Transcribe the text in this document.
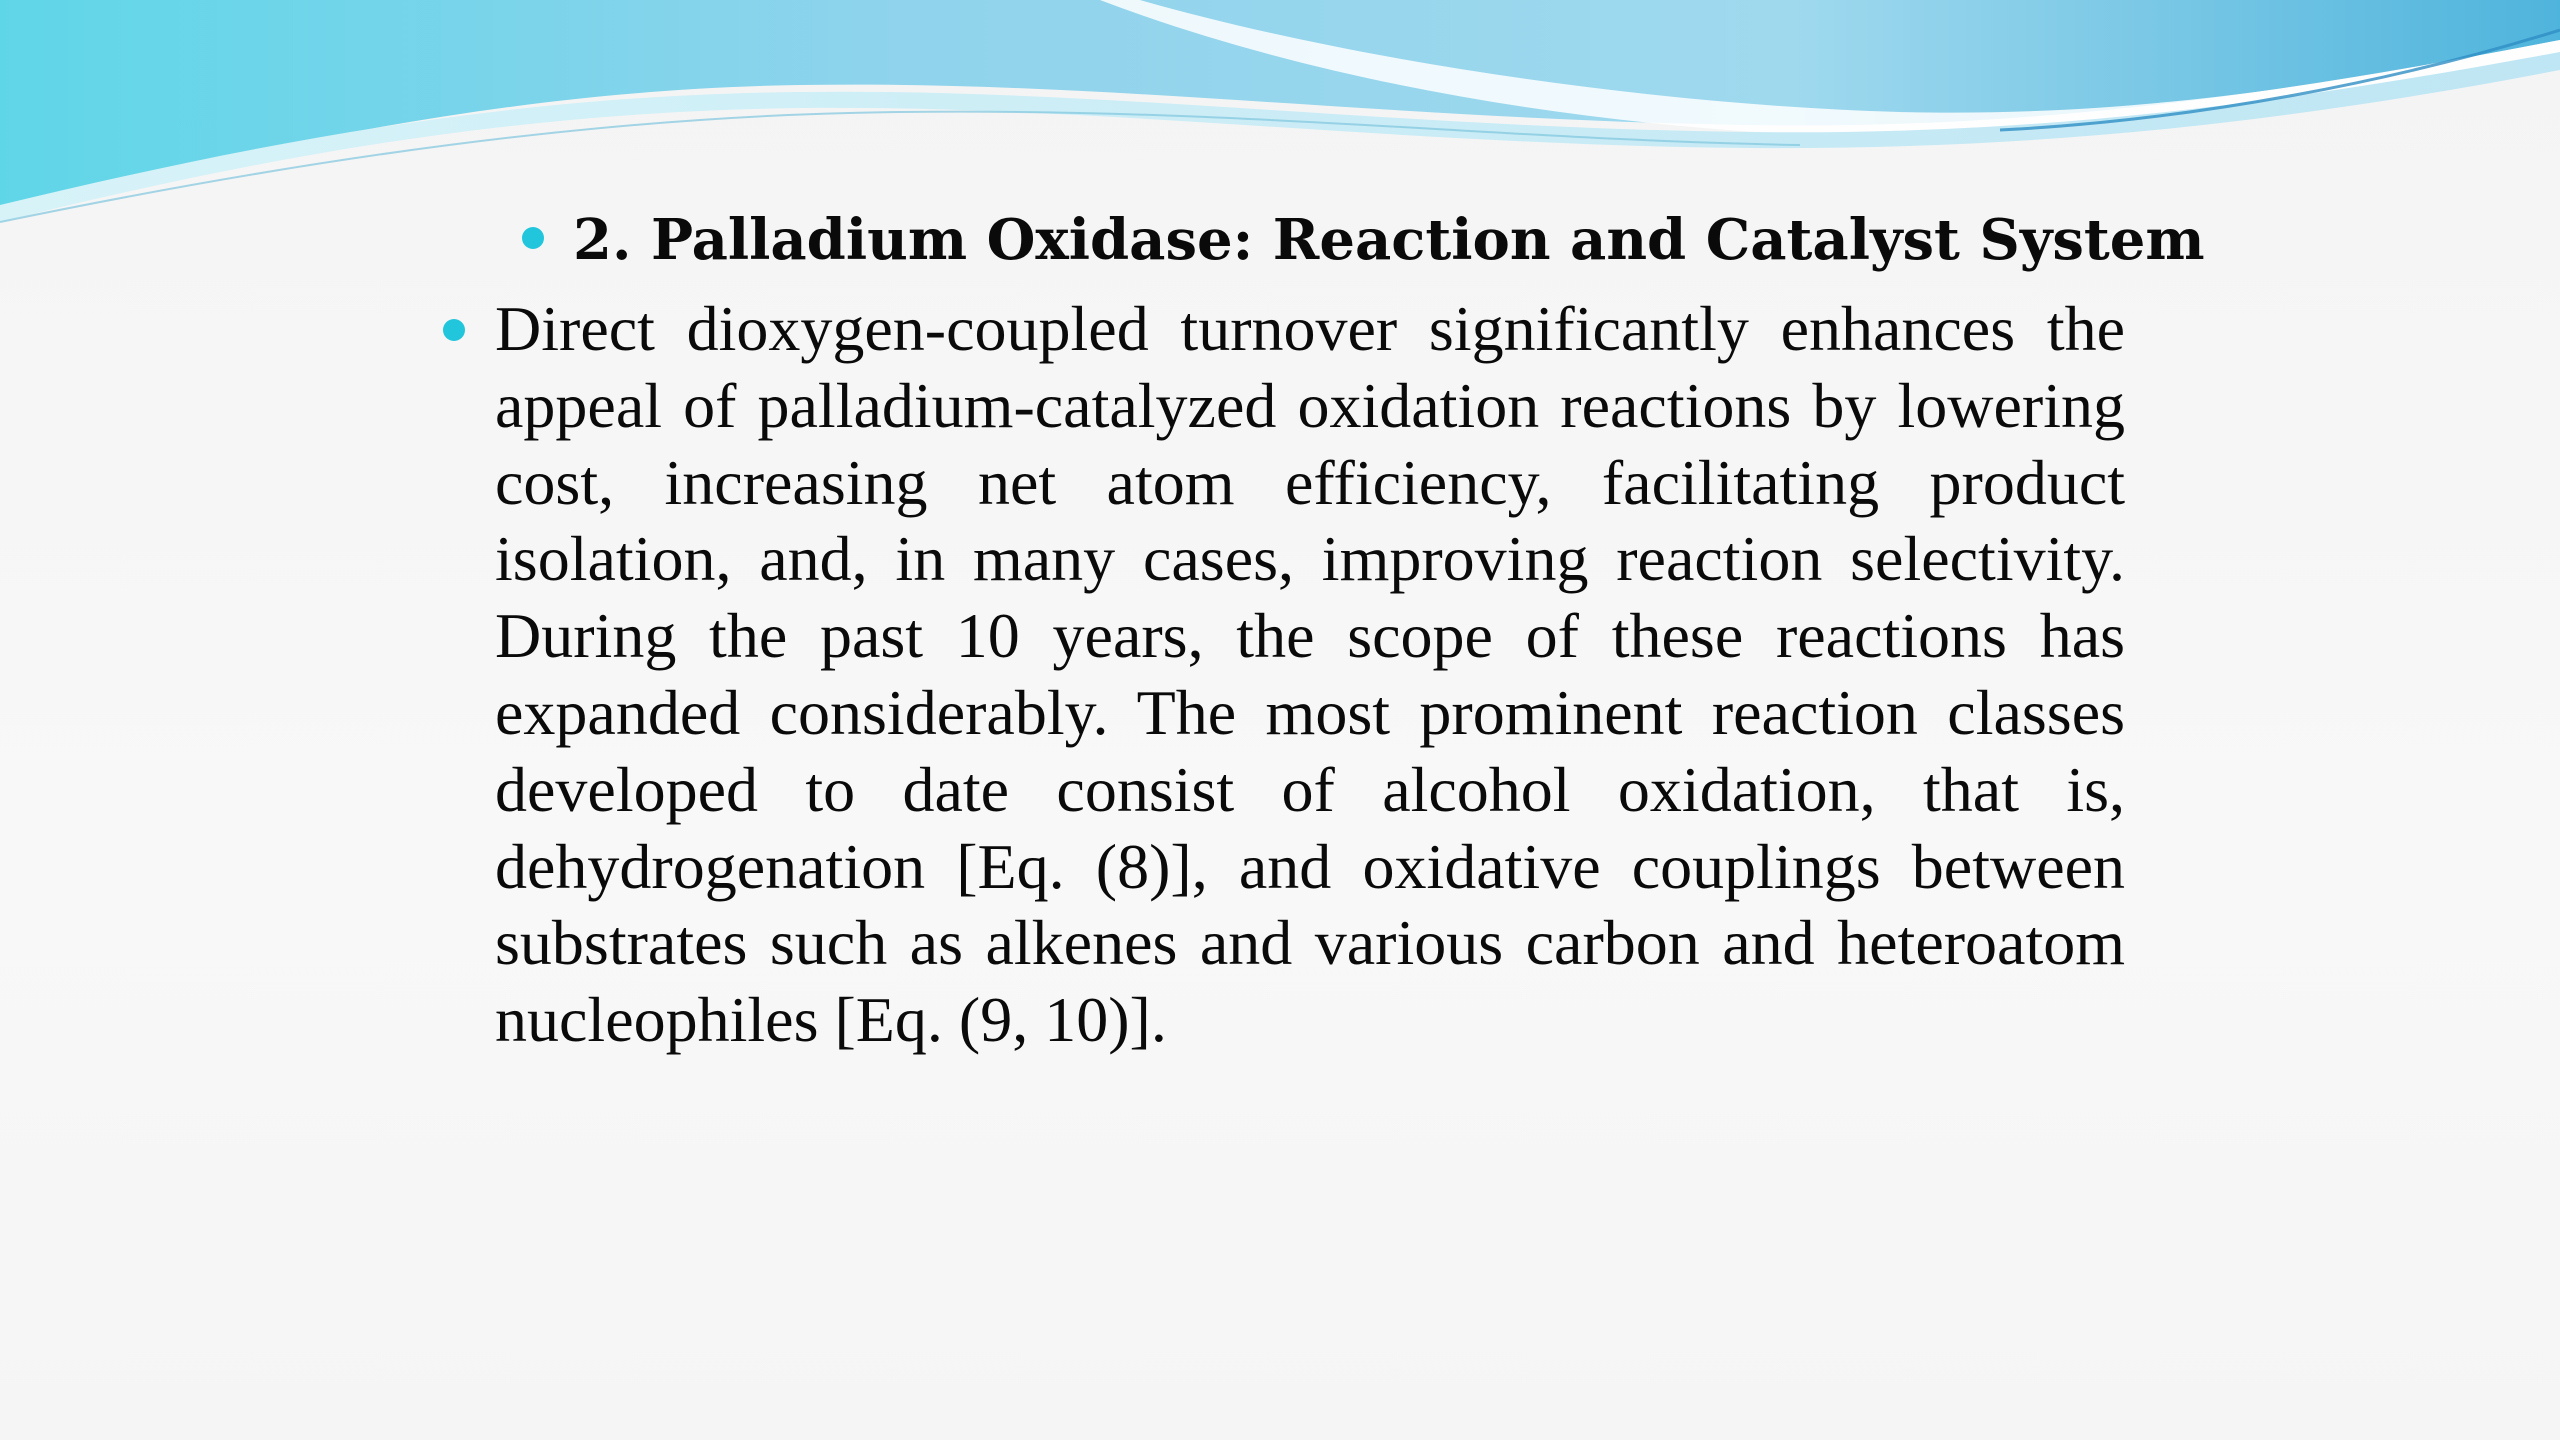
2. Palladium Oxidase: Reaction and Catalyst System

Direct dioxygen-coupled turnover significantly enhances the appeal of palladium-catalyzed oxidation reactions by lowering cost, increasing net atom efficiency, facilitating product isolation, and, in many cases, improving reaction selectivity. During the past 10 years, the scope of these reactions has expanded considerably. The most prominent reaction classes developed to date consist of alcohol oxidation, that is, dehydrogenation [Eq. (8)], and oxidative couplings between substrates such as alkenes and various carbon and heteroatom nucleophiles [Eq. (9, 10)].
